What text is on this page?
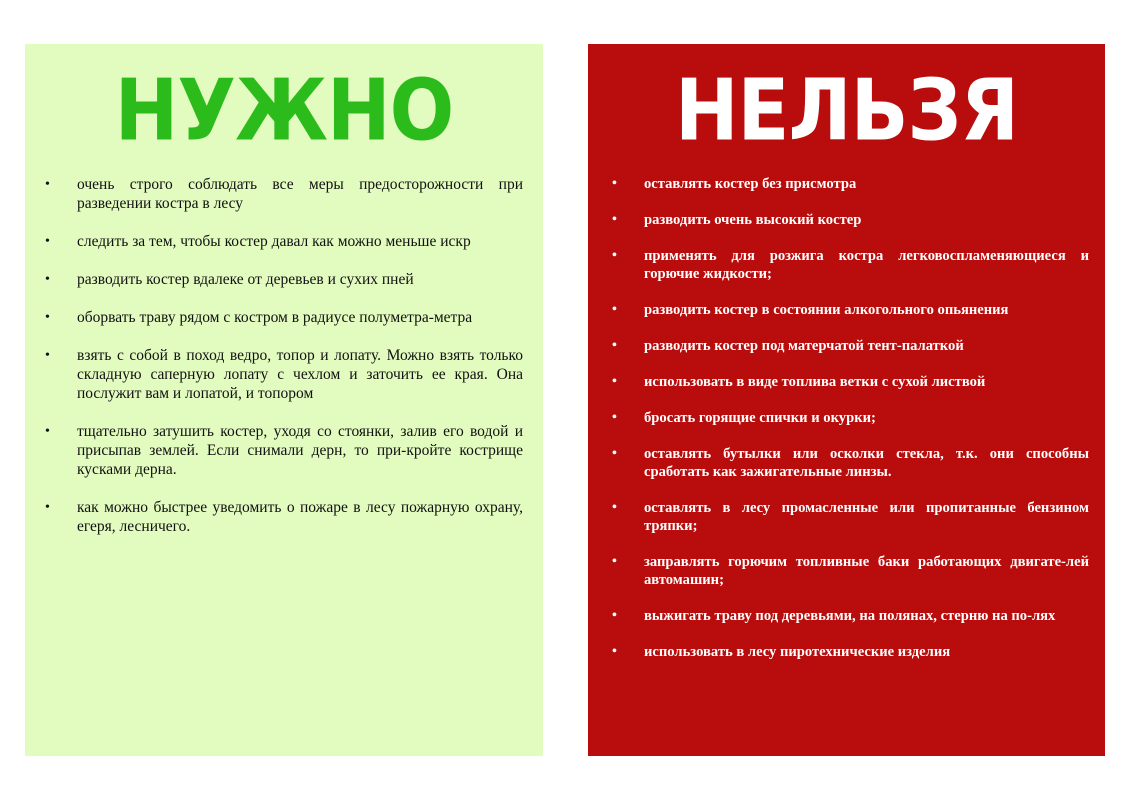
НУЖНО
•	очень строго соблюдать все меры предосторожности при разведении костра в лесу
•	следить за тем, чтобы костер давал как можно меньше искр
•	разводить костер вдалеке от деревьев и сухих пней
•	оборвать траву рядом с костром в радиусе полуметра-метра
•	взять с собой в поход ведро, топор и лопату. Можно взять только складную саперную лопату с чехлом и заточить ее края. Она послужит вам и лопатой, и топором
•	тщательно затушить костер, уходя со стоянки, залив его водой и присыпав землей. Если снимали дерн, то при-кройте кострище кусками дерна.
•	как можно быстрее уведомить о пожаре в лесу пожарную охрану, егеря, лесничего.
НЕЛЬЗЯ
•	оставлять костер без присмотра
•	разводить очень высокий костер
•	применять для розжига костра легковоспламеняющиеся и горючие жидкости;
•	разводить костер в состоянии алкогольного опьянения
•	разводить костер под матерчатой тент-палаткой
•	использовать в виде топлива ветки с сухой листвой
•	бросать горящие спички и окурки;
•	оставлять бутылки или осколки стекла, т.к. они способны сработать как зажигательные линзы.
•	оставлять в лесу промасленные или пропитанные бензином тряпки;
•	заправлять горючим топливные баки работающих двигате-лей автомашин;
•	выжигать траву под деревьями, на полянах, стерню на по-лях
•	использовать в лесу пиротехнические изделия
